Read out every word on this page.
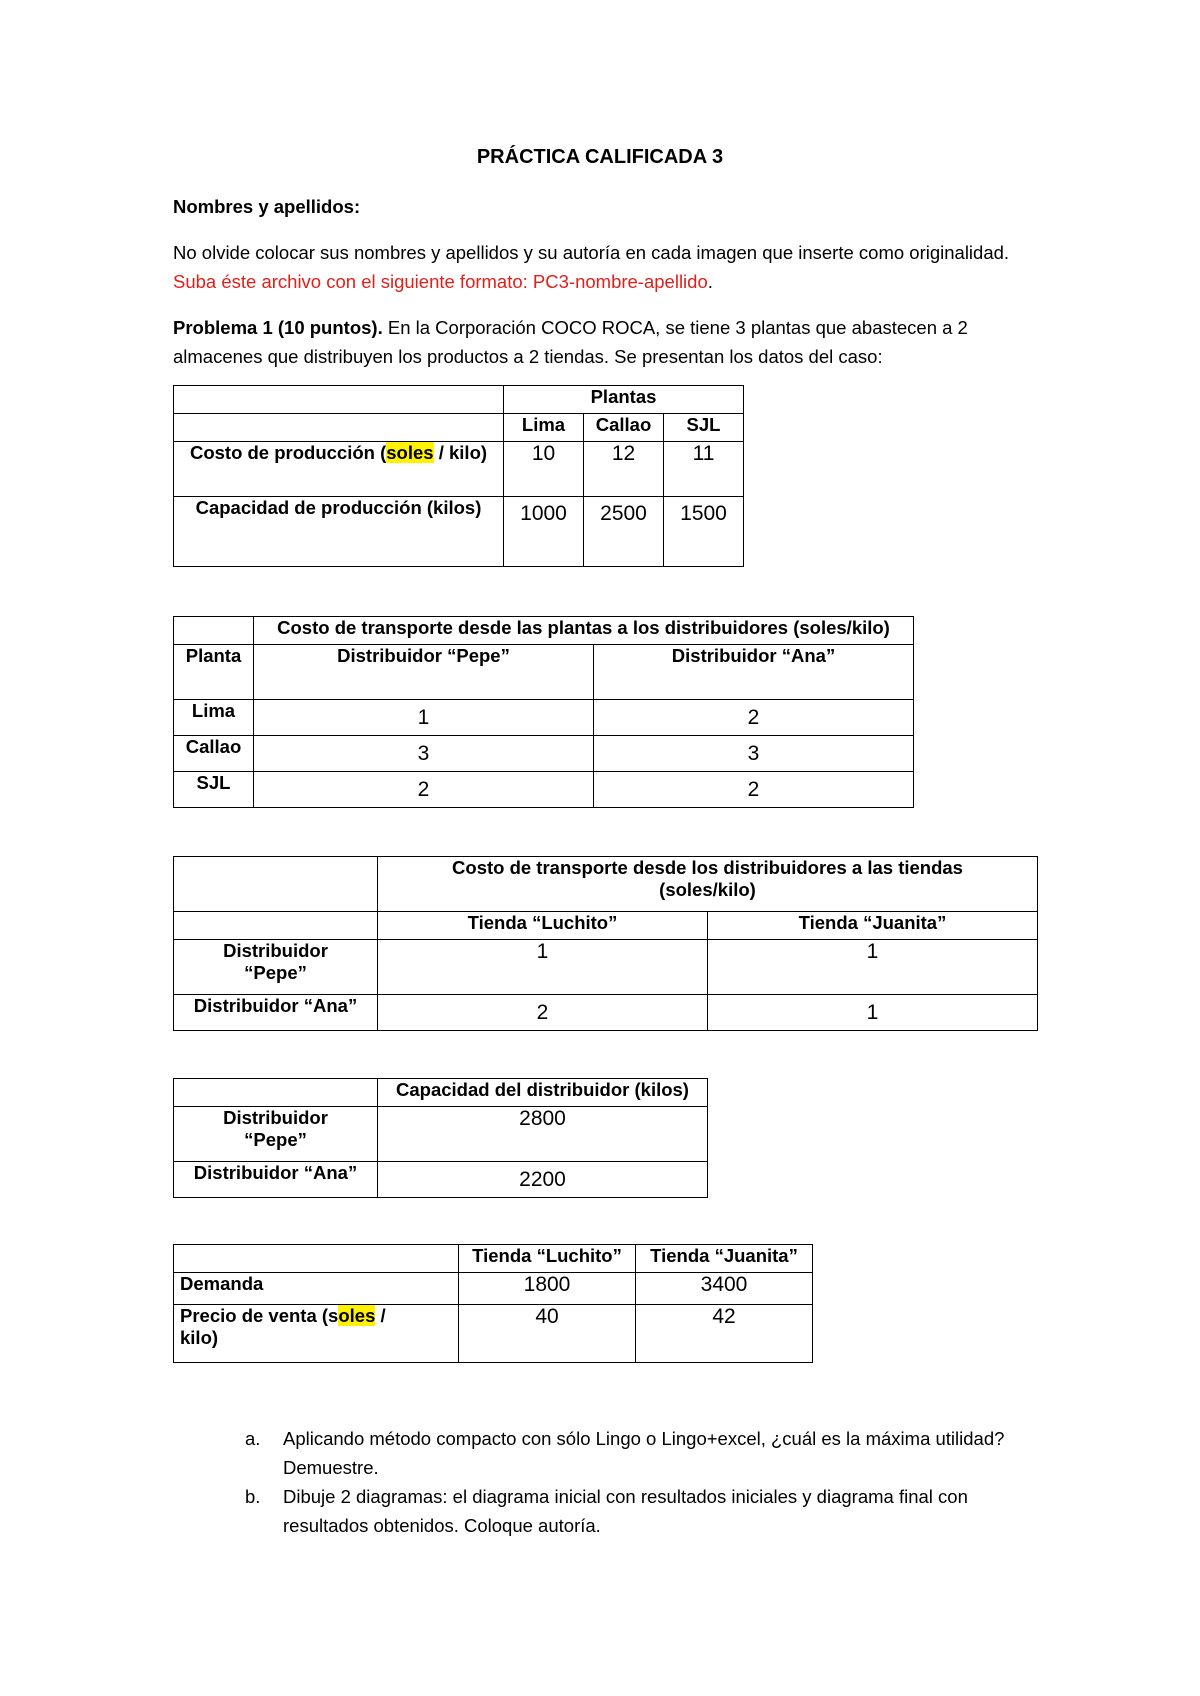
PRÁCTICA CALIFICADA 3
Nombres y apellidos:
No olvide colocar sus nombres y apellidos y su autoría en cada imagen que inserte como originalidad. Suba éste archivo con el siguiente formato: PC3-nombre-apellido.
Problema 1 (10 puntos). En la Corporación COCO ROCA, se tiene 3 plantas que abastecen a 2 almacenes que distribuyen los productos a 2 tiendas. Se presentan los datos del caso:
	Plantas		
	Lima	Callao	SJL
Costo de producción (soles / kilo)	10	12	11
Capacidad de producción (kilos)	1000	2500	1500
	Costo de transporte desde las plantas a los distribuidores (soles/kilo)	
Planta	Distribuidor “Pepe”	Distribuidor “Ana”
Lima	1	2
Callao	3	3
SJL	2	2
	Costo de transporte desde los distribuidores a las tiendas (soles/kilo)	
	Tienda “Luchito”	Tienda “Juanita”
Distribuidor “Pepe”	1	1
Distribuidor “Ana”	2	1
	Capacidad del distribuidor (kilos)
Distribuidor “Pepe”	2800
Distribuidor “Ana”	2200
	Tienda “Luchito”	Tienda “Juanita”
Demanda	1800	3400
Precio de venta (soles / kilo)	40	42
a. Aplicando método compacto con sólo Lingo o Lingo+excel, ¿cuál es la máxima utilidad? Demuestre.
b. Dibuje 2 diagramas: el diagrama inicial con resultados iniciales y diagrama final con resultados obtenidos. Coloque autoría.
